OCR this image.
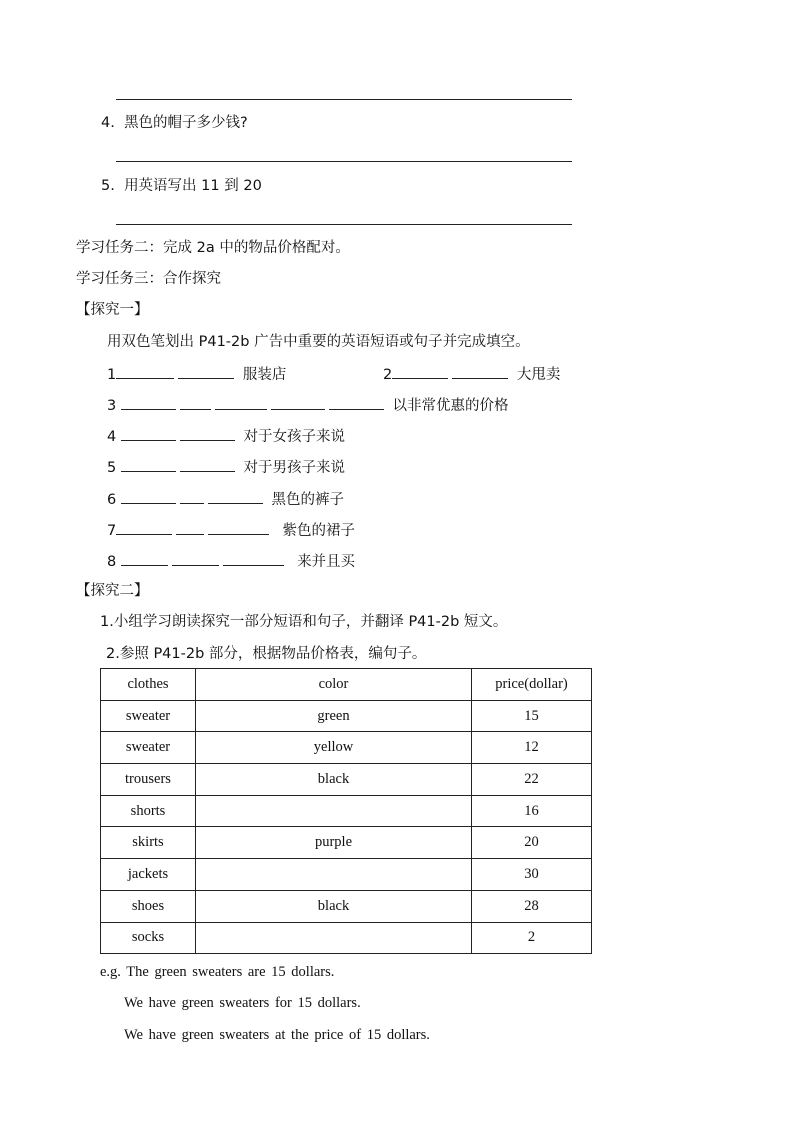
4. 黑色的帽子多少钱?
5. 用英语写出 11 到 20
学习任务二：完成 2a 中的物品价格配对。
学习任务三：合作探究
【探究一】
用双色笔划出 P41-2b 广告中重要的英语短语或句子并完成填空。
1	服装店	2	大甩卖
3	以非常优惠的价格
4	对于女孩子来说
5	对于男孩子来说
6	黑色的裤子
7	紫色的裙子
8	来并且买
【探究二】
1.小组学习朗读探究一部分短语和句子，并翻译 P41-2b 短文。
2.参照 P41-2b 部分，根据物品价格表，编句子。
clothes	color	price(dollar)
sweater	green	15
sweater	yellow	12
trousers	black	22
shorts		16
skirts	purple	20
jackets		30
shoes	black	28
socks		2
e.g. The green sweaters are 15 dollars.
We have green sweaters for 15 dollars.
We have green sweaters at the price of 15 dollars.
